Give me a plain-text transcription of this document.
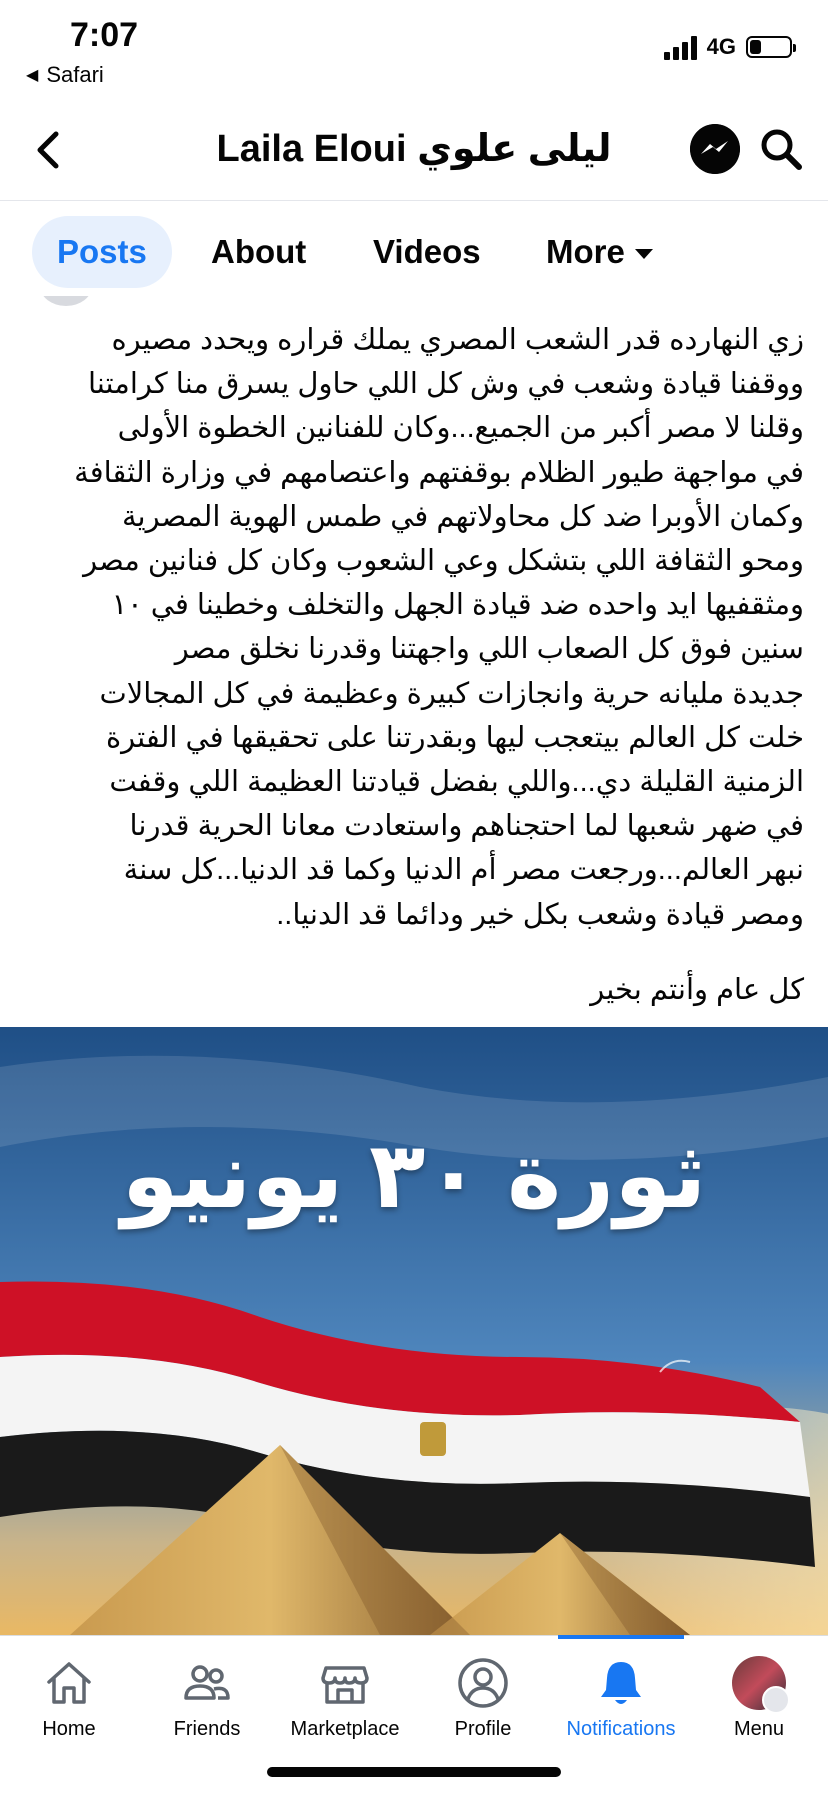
7:07
◀ Safari
4G
Laila Eloui ليلى علوي
Posts	About Videos More
زي النهارده قدر الشعب المصري يملك قراره ويحدد مصيره
ووقفنا قيادة وشعب في وش كل اللي حاول يسرق منا كرامتنا
وقلنا لا مصر أكبر من الجميع...وكان للفنانين الخطوة الأولى
في مواجهة طيور الظلام بوقفتهم واعتصامهم في وزارة الثقافة
وكمان الأوبرا ضد كل محاولاتهم في طمس الهوية المصرية
ومحو الثقافة اللي بتشكل وعي الشعوب وكان كل فنانين مصر
ومثقفيها ايد واحده ضد قيادة الجهل والتخلف وخطينا في ١٠
سنين فوق كل الصعاب اللي واجهتنا وقدرنا نخلق مصر
جديدة مليانه حرية وانجازات كبيرة وعظيمة في كل المجالات
خلت كل العالم بيتعجب ليها وبقدرتنا على تحقيقها في الفترة
الزمنية القليلة دي...واللي بفضل قيادتنا العظيمة اللي وقفت
في ضهر شعبها لما احتجناهم واستعادت معانا الحرية قدرنا
نبهر العالم...ورجعت مصر أم الدنيا وكما قد الدنيا...كل سنة
ومصر قيادة وشعب بكل خير ودائما قد الدنيا..
كل عام وأنتم بخير
ثورة ٣٠ يونيو
Home	Friends	Marketplace	Profile	Notifications	Menu
